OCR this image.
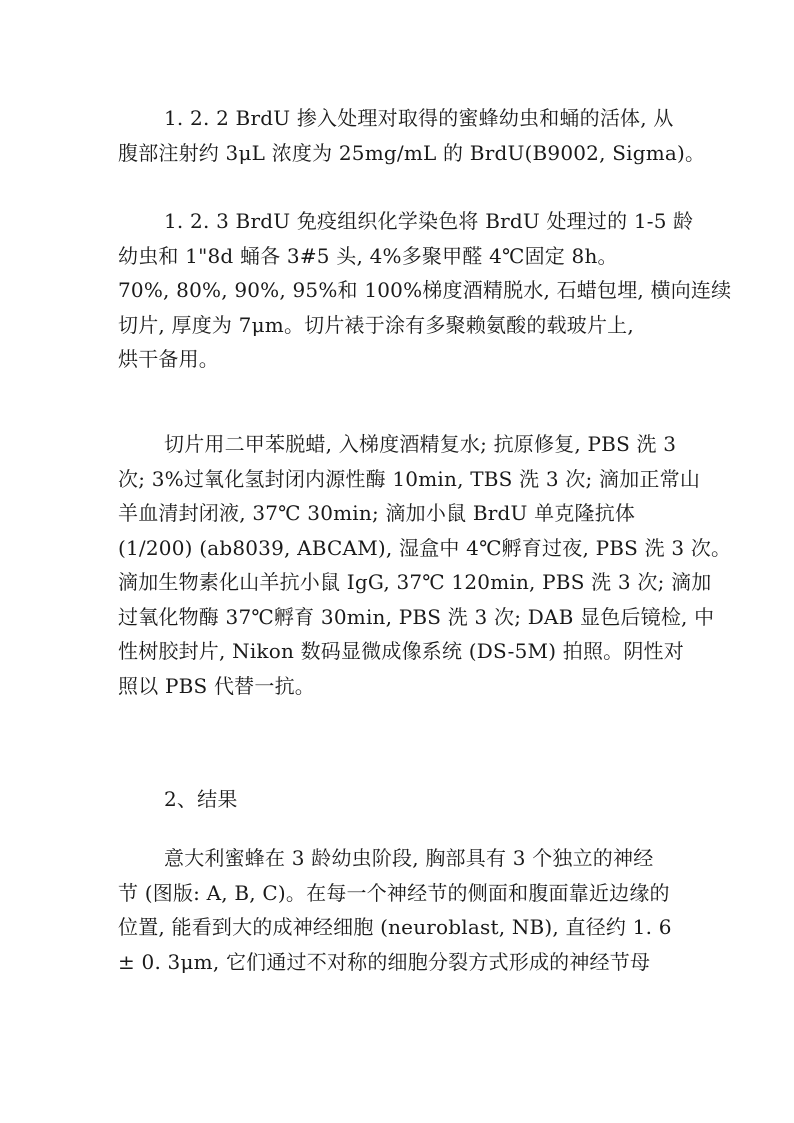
1. 2. 2 BrdU 掺入处理对取得的蜜蜂幼虫和蛹的活体, 从
腹部注射约 3μL 浓度为 25mg/mL 的 BrdU(B9002, Sigma)。
1. 2. 3 BrdU 免疫组织化学染色将 BrdU 处理过的 1-5 龄
幼虫和 1"8d 蛹各 3#5 头, 4%多聚甲醛 4℃固定 8h。
70%, 80%, 90%, 95%和 100%梯度酒精脱水, 石蜡包埋, 横向连续
切片, 厚度为 7μm。切片裱于涂有多聚赖氨酸的载玻片上,
烘干备用。
切片用二甲苯脱蜡, 入梯度酒精复水; 抗原修复, PBS 洗 3
次; 3%过氧化氢封闭内源性酶 10min, TBS 洗 3 次; 滴加正常山
羊血清封闭液, 37℃ 30min; 滴加小鼠 BrdU 单克隆抗体
(1/200) (ab8039, ABCAM), 湿盒中 4℃孵育过夜, PBS 洗 3 次。
滴加生物素化山羊抗小鼠 IgG, 37℃ 120min, PBS 洗 3 次; 滴加
过氧化物酶 37℃孵育 30min, PBS 洗 3 次; DAB 显色后镜检, 中
性树胶封片, Nikon 数码显微成像系统 (DS-5M) 拍照。阴性对
照以 PBS 代替一抗。
2、结果
意大利蜜蜂在 3 龄幼虫阶段, 胸部具有 3 个独立的神经
节 (图版: A, B, C)。在每一个神经节的侧面和腹面靠近边缘的
位置, 能看到大的成神经细胞 (neuroblast, NB), 直径约 1. 6
± 0. 3μm, 它们通过不对称的细胞分裂方式形成的神经节母
